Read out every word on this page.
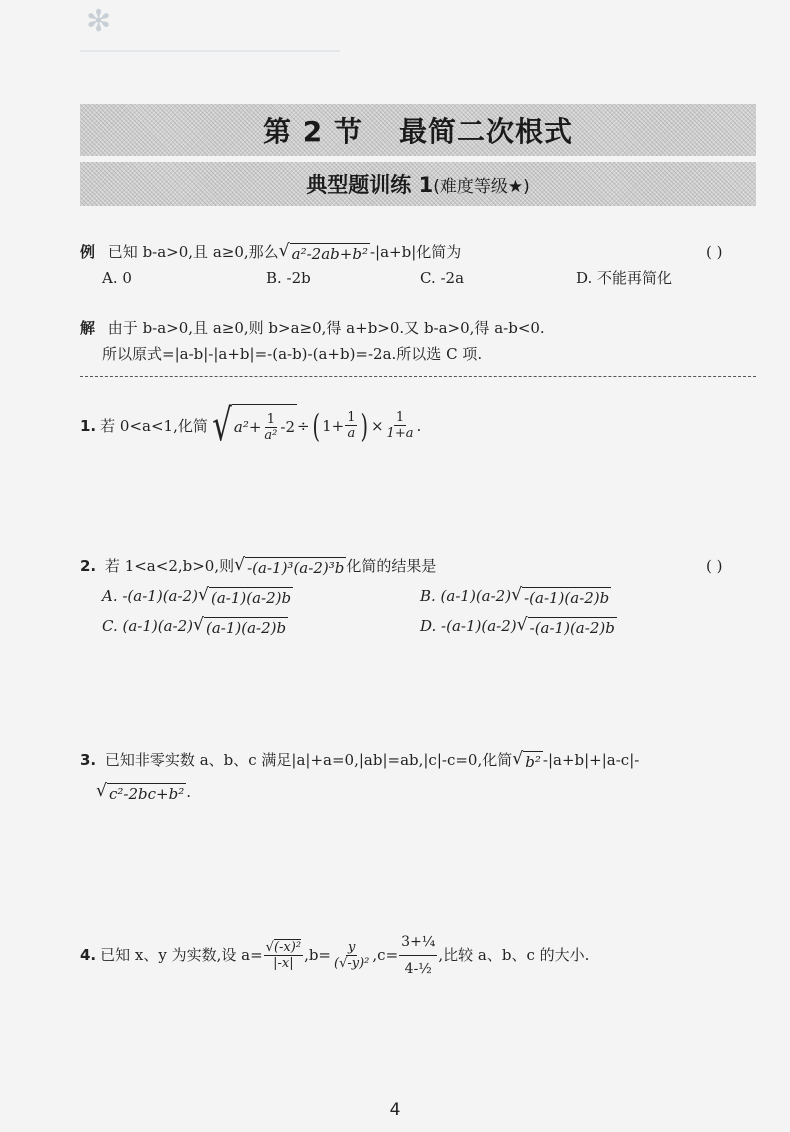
✻
第 2 节 最简二次根式
典型题训练 1(难度等级★)
例 已知 b-a>0,且 a≥0,那么 √ a²-2ab+b² -|a+b|化简为	( )
A. 0	B. -2b	C. -2a	D. 不能再简化
解 由于 b-a>0,且 a≥0,则 b>a≥0,得 a+b>0.又 b-a>0,得 a-b<0.
所以原式=|a-b|-|a+b|=-(a-b)-(a+b)=-2a.所以选 C 项.
1. 若 0<a<1,化简 √ $a^2+ \frac{1}{\text{a²}} -2$ ÷ ( $1+ \frac{1}{a}$ ) × $\frac{1}{1+a}$ .
2. 若 1<a<2,b>0,则 √ -(a-1)³(a-2)³b 化简的结果是	( )
A. -(a-1)(a-2) √ (a-1)(a-2)b	B. (a-1)(a-2) √ -(a-1)(a-2)b
C. (a-1)(a-2) √ (a-1)(a-2)b	D. -(a-1)(a-2) √ -(a-1)(a-2)b
3. 已知非零实数 a、b、c 满足|a|+a=0,|ab|=ab,|c|-c=0,化简 √ b² -|a+b|+|a-c|-
√ c²-2bc+b² .
4. 已知 x、y 为实数,设 $a= \frac{\text{√(-x)²}}{|-x|} ,b= \frac{y}{\text{(√-y)²}} ,c= \frac{\text{3+¼}}{\text{4-½}}$ ,比较 a、b、c 的大小.
4
